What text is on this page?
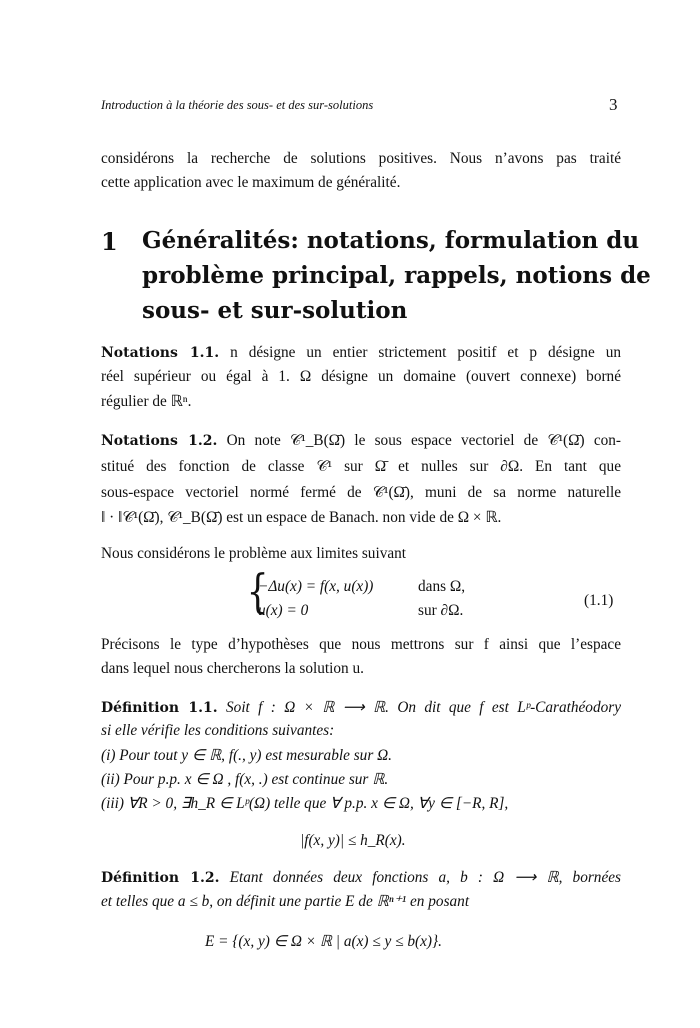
Introduction à la théorie des sous- et des sur-solutions	3
considérons la recherche de solutions positives. Nous n’avons pas traité
cette application avec le maximum de généralité.
1 Généralités: notations, formulation du
problème principal, rappels, notions de
sous- et sur-solution
Notations 1.1. n désigne un entier strictement positif et p désigne un
réel supérieur ou égal à 1. Ω désigne un domaine (ouvert connexe) borné
régulier de ℝⁿ.
Notations 1.2. On note 𝒞¹_B(Ω̄) le sous espace vectoriel de 𝒞¹(Ω̄) con-
stitué des fonction de classe 𝒞¹ sur Ω̄ et nulles sur ∂Ω. En tant que
sous-espace vectoriel normé fermé de 𝒞¹(Ω̄), muni de sa norme naturelle
‖ · ‖𝒞¹(Ω̄), 𝒞¹_B(Ω̄) est un espace de Banach. non vide de Ω × ℝ.
Nous considérons le problème aux limites suivant
{
−Δu(x) = f(x, u(x))	dans Ω,
u(x) = 0	sur ∂Ω.
(1.1)
Précisons le type d’hypothèses que nous mettrons sur f ainsi que l’espace
dans lequel nous chercherons la solution u.
Définition 1.1. Soit f : Ω × ℝ ⟶ ℝ. On dit que f est Lᵖ-Carathéodory
si elle vérifie les conditions suivantes:
(i) Pour tout y ∈ ℝ, f(., y) est mesurable sur Ω.
(ii) Pour p.p. x ∈ Ω , f(x, .) est continue sur ℝ.
(iii) ∀R > 0, ∃h_R ∈ Lᵖ(Ω) telle que ∀ p.p. x ∈ Ω, ∀y ∈ [−R, R],
|f(x, y)| ≤ h_R(x).
Définition 1.2. Etant données deux fonctions a, b : Ω ⟶ ℝ, bornées
et telles que a ≤ b, on définit une partie E de ℝⁿ⁺¹ en posant
E = {(x, y) ∈ Ω × ℝ | a(x) ≤ y ≤ b(x)}.
